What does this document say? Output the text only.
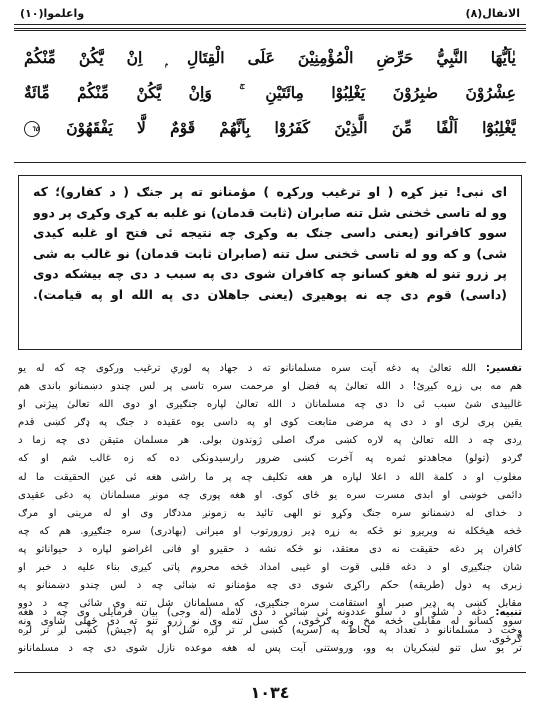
الانفال(٨)
واعلموا(١٠)
يٰاَيُّهَا النَّبِيُّ حَرِّضِ الْمُؤْمِنِيْنَ عَلَى الْقِتَالِ ۭ اِنْ يَّكُنْ مِّنْكُمْ
عِشْرُوْنَ صٰبِرُوْنَ يَغْلِبُوْا مِائَتَيْنِ ۚ وَاِنْ يَّكُنْ مِّنْكُمْ مِّائَةٌ
يَّغْلِبُوْٓا اَلْفًا مِّنَ الَّذِيْنَ كَفَرُوْا بِاَنَّهُمْ قَوْمٌ لَّا يَفْقَهُوْنَ ٦٥
اى نبى! تيز كړه ( او ترغيب وركړه ) مؤمنانو ته پر جنګ ( د كفارو)؛ كه
وو له تاسى څخنى شل تنه صابران (ثابت قدمان) نو غلبه به كړى وكړى پر دوو
سوو كافرانو (يعنى داسى جنګ به وكړى چه نتيجه ئى فتح او غلبه كيدى
شى) و كه وو له تاسى څخنى سل تنه (صابران ثابت قدمان) نو غالب به شى
پر زرو تنو له هغو كسانو چه كافران شوى دى په سبب د دى چه بيشكه دوى
(داسى) قوم دى چه نه پوهيږى (يعنى جاهلان دى په الله او په قيامت).
تفسير: الله تعالىٰ په دغه آيت سره مسلمانانو ته د جهاد په لوري ترغيب وركوى چه كه له يو
هم مه بى زړه كيږئ! د الله تعالىٰ په فضل او مرحمت سره تاسى پر لس چندو دښمنانو باندى هم
غالبيدى شئ سبب ئى دا دى چه مسلمانان د الله تعالىٰ لپاره جنګيږى او دوى الله تعالىٰ پيژنى او
يقين پرى لرى او د دى په مرضى متابعت كوى او په داسى يوه عقيده د جنګ په ډګر كښى قدم
ږدى چه د الله تعالىٰ په لاره كښى مرګ اصلى ژوندون بولى. هر مسلمان متيقن دى چه زما د
ګردو (تولو) مجاهدتو ثمره په آخرت كښى ضرور رارسيدونكى ده كه زه غالب شم او كه
مغلوب او د كلمة الله د اعلا لپاره هر هغه تكليف چه پر ما راشى هغه ئى عين الحقيقت ما له
دائمى خوښى او ابدى مسرت سره يو ځاى كوى. او هغه پورى چه مونږ مسلمانان په دغى عقيدى
د خداى له دښمنانو سره جنګ وكړو نو الهى تائيد به زمونږ مددګار وى او له مرينى او مرګ
څخه هيڅكله نه ويريږو نو څكه به زړه ډير زورورتوب او ميرانى (بهادرى) سره جنګيږو. هم كه چه
كافران پر دغه حقيقت نه دى معتقد، نو څكه نشه د حقيرو او فانى اغراضو لپاره د حيواناتو په
شان جنګيږى او د دغه قلبى قوت او غيبى امداد څخه محروم پاتى كيږى بناء عليه د خبر او
زبرى په دول (طريقه) حكم راكړى شوى دى چه مؤمنانو ته ښائى چه د لس چندو دښمنانو په
مقابل كښى په ډير صبر او استقامت سره جنګيږى، كه مسلمانان شل تنه وى شائى چه د دوو
سوو كسانو له مقابلى څخه مخ ونه ګرځوى، كه سل تنه وى نو زرو تنو ته دى ځهلى شاوى ونه
ګرځوى.
تنبيه: دغه د شلو او د سلو عددونه ئى ښائى د دى لامله (له وجى) بيان فرمايلى وى چه د هغه
وخت د مسلمانانو د تعداد په لحاظ په (سريه) كښى لر تر لږه شل او په (جيش) كښى لږ تر لږه
تر يو سل تنو لښكريان به وو، وروستنى آيت پس له هغه موعده نازل شوى دى چه د مسلمانانو
١٠٣٤
